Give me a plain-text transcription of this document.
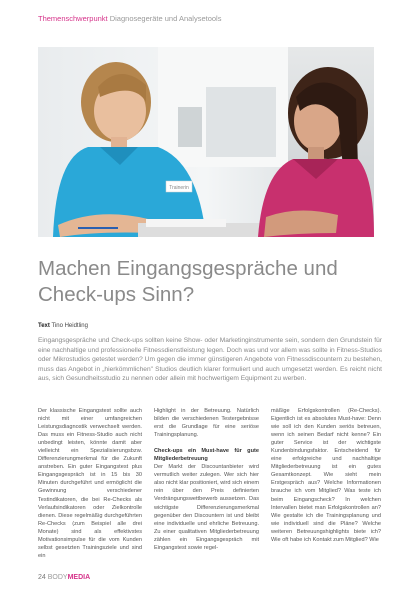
Themenschwerpunkt Diagnosegeräte und Analysetools
Trainerin
Machen Eingangsgespräche und Check-ups Sinn?
Text Tino Heidtling

Eingangsgespräche und Check-ups sollten keine Show- oder Marketinginstrumente sein, sondern den Grundstein für eine nachhaltige und professionelle Fitnessdienstleistung legen. Doch was und vor allem was sollte in Fitness-Studios oder Mikrostudios getestet werden? Um gegen die immer günstigeren Angebote von Fitnessdiscountern zu bestehen, muss das Angebot in „hierkömmlichen" Studios deutlich klarer formuliert und auch umgesetzt werden. Es reicht nicht aus, sich Gesundheitsstudio zu nennen oder allein mit hochwertigem Equipment zu werben.

Der klassische Eingangstest sollte auch nicht mit einer umfangreichen Leistungsdiagnostik verwechselt werden. Das muss ein Fitness-Studio auch nicht unbedingt leisten, könnte damit aber vielleicht ein Spezialisierungsbzw. Differenzierungmerkmal für die Zukunft anstreben. Ein guter Eingangstest plus Eingangsgespräch ist in 15 bis 30 Minuten durchgeführt und ermöglicht die Gewinnung verschiedener Testindikatoren, die bei Re-Checks als Verlaufsindikatoren oder Zielkontrolle dienen. Diese regelmäßig durchgeführten Re-Checks (zum Beispiel alle drei Monate) sind als effektivstes Motivationsimpulse für die vom Kunden selbst gesetzten Trainingsziele und sind ein

Highlight in der Betreuung. Natürlich bilden die verschiedenen Testergebnisse erst die Grundlage für eine seriöse Trainingsplanung.

Check-ups ein Must-have für gute Mitgliederbetreuung

Der Markt der Discountanbieter wird vermutlich weiter zulegen. Wer sich hier also nicht klar positioniert, wird sich einem rein über den Preis definierten Verdrängungswettbewerb aussetzen. Das wichtigste Differenzierungsmerkmal gegenüber den Discountern ist und bleibt eine individuelle und ehrliche Betreuung. Zu einer qualitativen Mitgliederbetreuung zählen ein Eingangsgespräch mit Eingangstest sowie regel-

mäßige Erfolgskontrollen (Re-Checks). Eigentlich ist es absolutes Must-have: Denn wie soll ich den Kunden seriös betreuen, wenn ich seinen Bedarf nicht kenne? Ein guter Service ist der wichtigste Kundenbindungsfaktor. Entscheidend für eine erfolgreiche und nachhaltige Mitgliederbetreuung ist ein gutes Gesamtkonzept. Wie sieht mein Erstgespräch aus? Welche Informationen brauche ich vom Mitglied? Was teste ich beim Eingangscheck? In welchen Intervallen bietet man Erfolgskontrollen an? Wie gestalte ich die Trainingsplanung und wie individuell sind die Pläne? Welche weiteren Betreuungshighlights biete ich? Wie oft habe ich Kontakt zum Mitglied? Wie

24 BODYMEDIA
